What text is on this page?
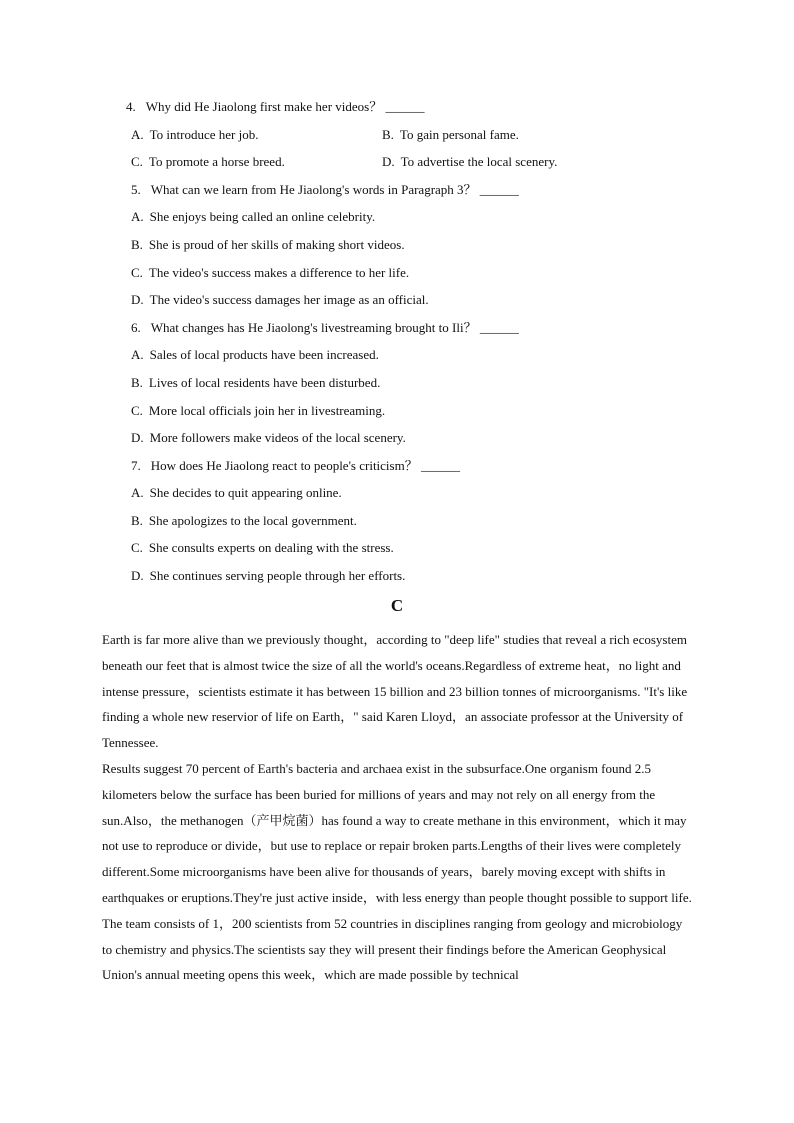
4. Why did He Jiaolong first make her videos？ ______
A. To introduce her job.	B. To gain personal fame.
C. To promote a horse breed.	D. To advertise the local scenery.
5. What can we learn from He Jiaolong's words in Paragraph 3？ ______
A. She enjoys being called an online celebrity.
B. She is proud of her skills of making short videos.
C. The video's success makes a difference to her life.
D. The video's success damages her image as an official.
6. What changes has He Jiaolong's livestreaming brought to Ili？ ______
A. Sales of local products have been increased.
B. Lives of local residents have been disturbed.
C. More local officials join her in livestreaming.
D. More followers make videos of the local scenery.
7. How does He Jiaolong react to people's criticism？ ______
A. She decides to quit appearing online.
B. She apologizes to the local government.
C. She consults experts on dealing with the stress.
D. She continues serving people through her efforts.
C

Earth is far more alive than we previously thought，according to "deep life" studies that reveal a rich ecosystem beneath our feet that is almost twice the size of all the world's oceans.Regardless of extreme heat，no light and intense pressure，scientists estimate it has between 15 billion and 23 billion tonnes of microorganisms. "It's like finding a whole new reservior of life on Earth，" said Karen Lloyd，an associate professor at the University of Tennessee.

Results suggest 70 percent of Earth's bacteria and archaea exist in the subsurface.One organism found 2.5 kilometers below the surface has been buried for millions of years and may not rely on all energy from the sun.Also，the methanogen（产甲烷菌）has found a way to create methane in this environment，which it may not use to reproduce or divide，but use to replace or repair broken parts.Lengths of their lives were completely different.Some microorganisms have been alive for thousands of years，barely moving except with shifts in earthquakes or eruptions.They're just active inside，with less energy than people thought possible to support life.

The team consists of 1，200 scientists from 52 countries in disciplines ranging from geology and microbiology to chemistry and physics.The scientists say they will present their findings before the American Geophysical Union's annual meeting opens this week，which are made possible by technical
